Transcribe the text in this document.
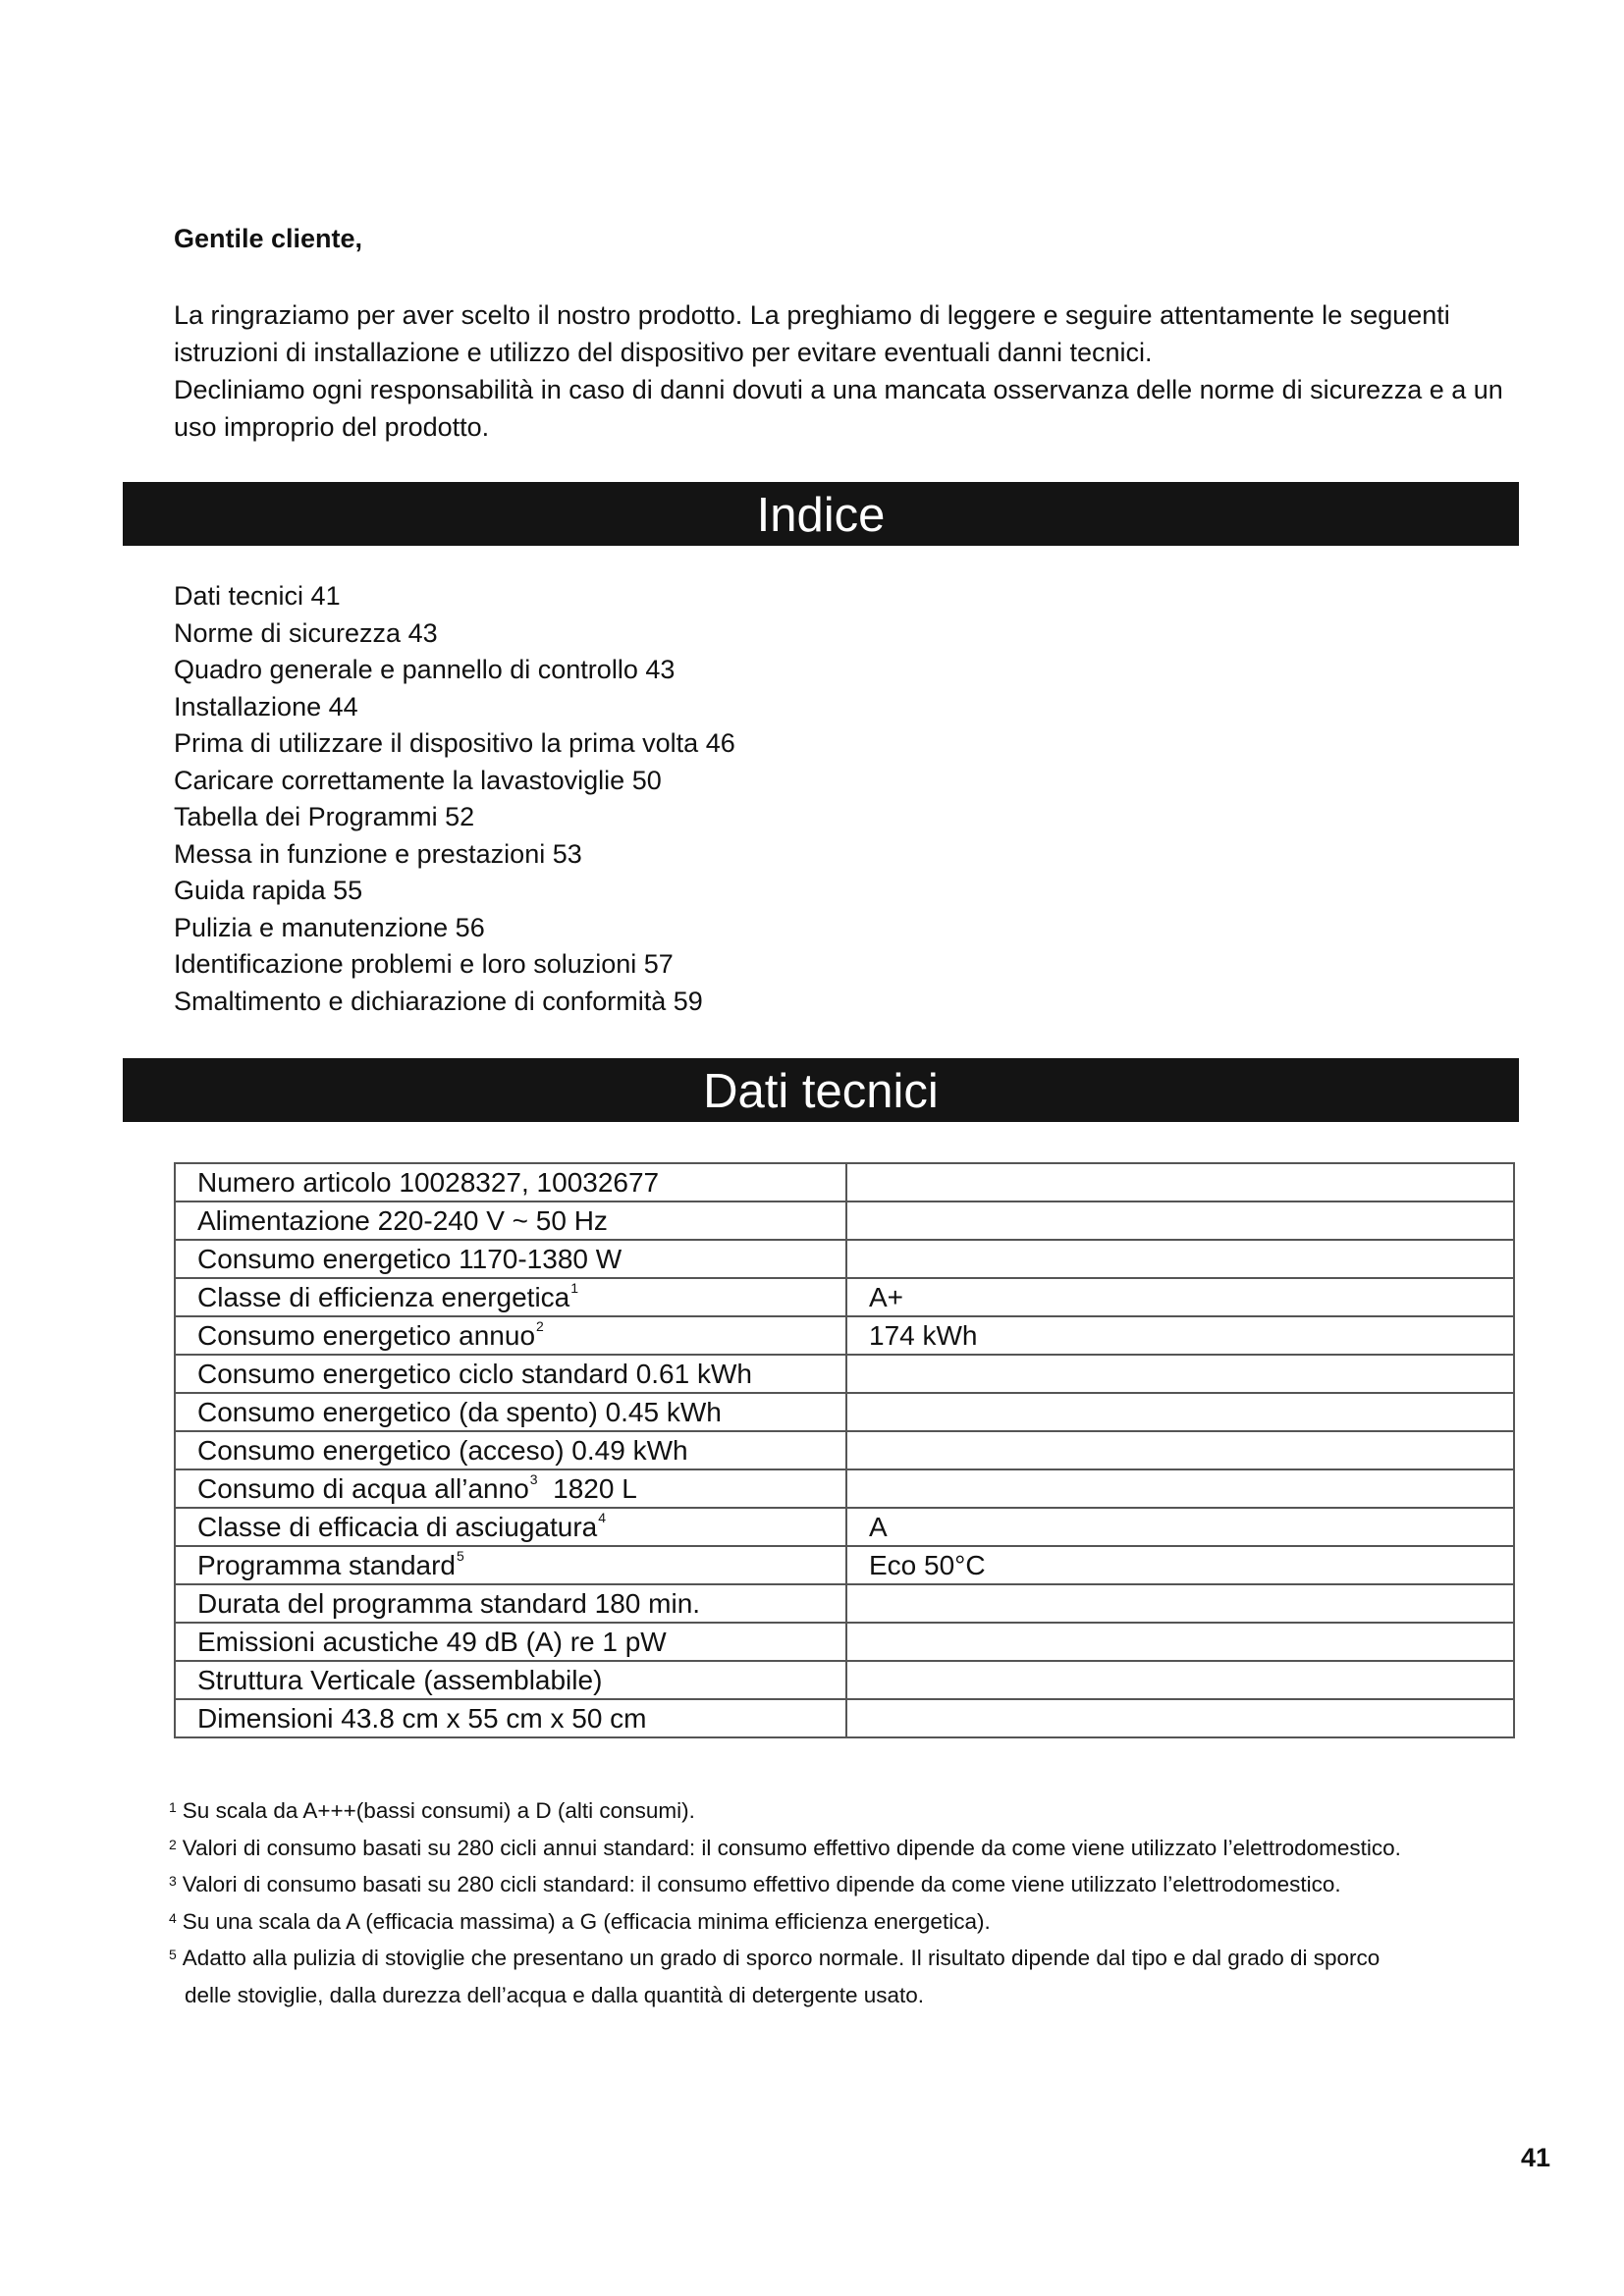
Gentile cliente,

La ringraziamo per aver scelto il nostro prodotto. La preghiamo di leggere e seguire attentamente le seguenti istruzioni di installazione e utilizzo del dispositivo per evitare eventuali danni tecnici.

Decliniamo ogni responsabilità in caso di danni dovuti a una mancata osservanza delle norme di sicurezza e a un uso improprio del prodotto.

Indice
Dati tecnici 41
Norme di sicurezza 43
Quadro generale e pannello di controllo 43
Installazione 44
Prima di utilizzare il dispositivo la prima volta 46
Caricare correttamente la lavastoviglie 50
Tabella dei Programmi 52
Messa in funzione e prestazioni 53
Guida rapida 55
Pulizia e manutenzione 56
Identificazione problemi e loro soluzioni 57
Smaltimento e dichiarazione di conformità 59
Dati tecnici
Numero articolo 10028327, 10032677	
Alimentazione 220-240 V ~ 50 Hz	
Consumo energetico 1170-1380 W	
Classe di efficienza energetica$^1$	A+
Consumo energetico annuo$^2$	174 kWh
Consumo energetico ciclo standard 0.61 kWh	
Consumo energetico (da spento) 0.45 kWh	
Consumo energetico (acceso) 0.49 kWh	
Consumo di acqua all’anno$^3$  1820 L	
Classe di efficacia di asciugatura$^4$	A
Programma standard$^5$	Eco 50°C
Durata del programma standard 180 min.	
Emissioni acustiche 49 dB (A) re 1 pW	
Struttura Verticale (assemblabile)	
Dimensioni 43.8 cm x 55 cm x 50 cm	

$^1$ Su scala da A+++(bassi consumi) a D (alti consumi).

$^2$ Valori di consumo basati su 280 cicli annui standard: il consumo effettivo dipende da come viene utilizzato l’elettrodomestico.

$^3$ Valori di consumo basati su 280 cicli standard: il consumo effettivo dipende da come viene utilizzato l’elettrodomestico.

$^4$ Su una scala da A (efficacia massima) a G (efficacia minima efficienza energetica).

$^5$ Adatto alla pulizia di stoviglie che presentano un grado di sporco normale. Il risultato dipende dal tipo e dal grado di sporco

delle stoviglie, dalla durezza dell’acqua e dalla quantità di detergente usato.

41
